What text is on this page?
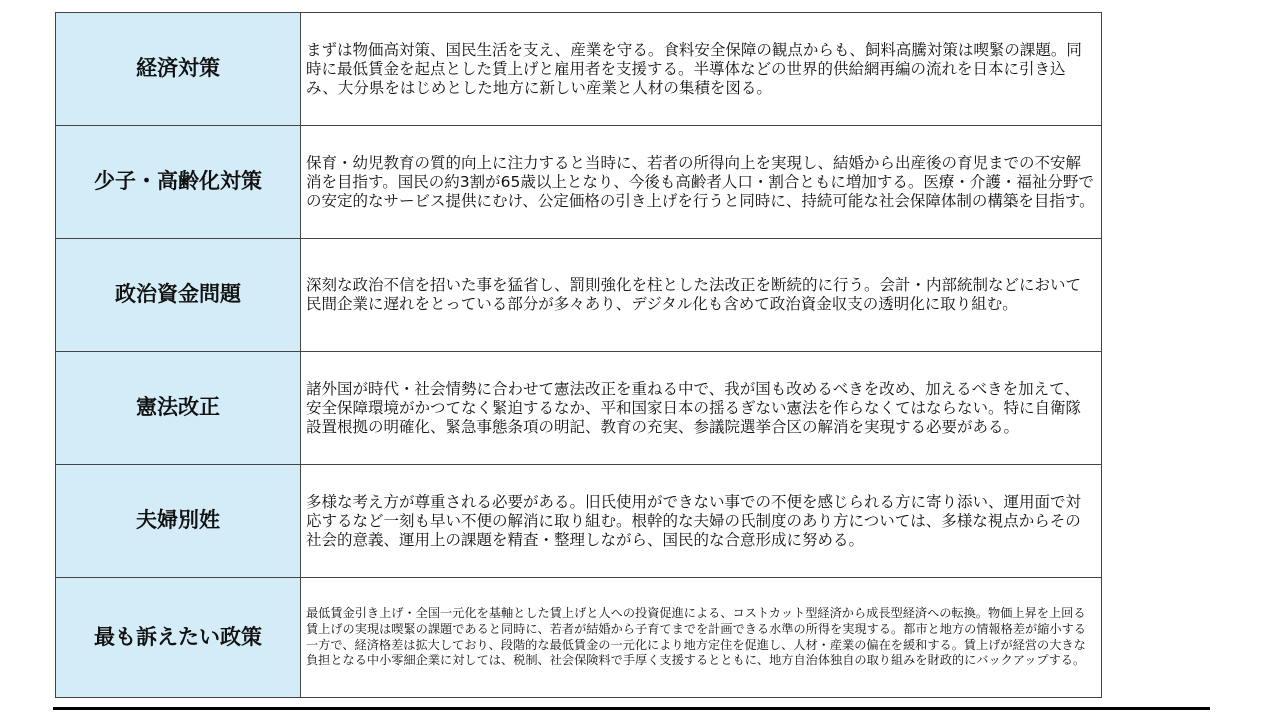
経済対策	まずは物価高対策、国民生活を支え、産業を守る。食料安全保障の観点からも、飼料高騰対策は喫緊の課題。同時に最低賃金を起点とした賃上げと雇用者を支援する。半導体などの世界的供給網再編の流れを日本に引き込み、大分県をはじめとした地方に新しい産業と人材の集積を図る。
少子・高齢化対策	保育・幼児教育の質的向上に注力すると当時に、若者の所得向上を実現し、結婚から出産後の育児までの不安解消を目指す。国民の約3割が65歳以上となり、今後も高齢者人口・割合ともに増加する。医療・介護・福祉分野での安定的なサービス提供にむけ、公定価格の引き上げを行うと同時に、持続可能な社会保障体制の構築を目指す。
政治資金問題	深刻な政治不信を招いた事を猛省し、罰則強化を柱とした法改正を断続的に行う。会計・内部統制などにおいて民間企業に遅れをとっている部分が多々あり、デジタル化も含めて政治資金収支の透明化に取り組む。
憲法改正	諸外国が時代・社会情勢に合わせて憲法改正を重ねる中で、我が国も改めるべきを改め、加えるべきを加えて、安全保障環境がかつてなく緊迫するなか、平和国家日本の揺るぎない憲法を作らなくてはならない。特に自衛隊設置根拠の明確化、緊急事態条項の明記、教育の充実、参議院選挙合区の解消を実現する必要がある。
夫婦別姓	多様な考え方が尊重される必要がある。旧氏使用ができない事での不便を感じられる方に寄り添い、運用面で対応するなど一刻も早い不便の解消に取り組む。根幹的な夫婦の氏制度のあり方については、多様な視点からその社会的意義、運用上の課題を精査・整理しながら、国民的な合意形成に努める。
最も訴えたい政策	最低賃金引き上げ・全国一元化を基軸とした賃上げと人への投資促進による、コストカット型経済から成長型経済への転換。物価上昇を上回る賃上げの実現は喫緊の課題であると同時に、若者が結婚から子育てまでを計画できる水準の所得を実現する。都市と地方の情報格差が縮小する一方で、経済格差は拡大しており、段階的な最低賃金の一元化により地方定住を促進し、人材・産業の偏在を緩和する。賃上げが経営の大きな負担となる中小零細企業に対しては、税制、社会保険料で手厚く支援するとともに、地方自治体独自の取り組みを財政的にバックアップする。
